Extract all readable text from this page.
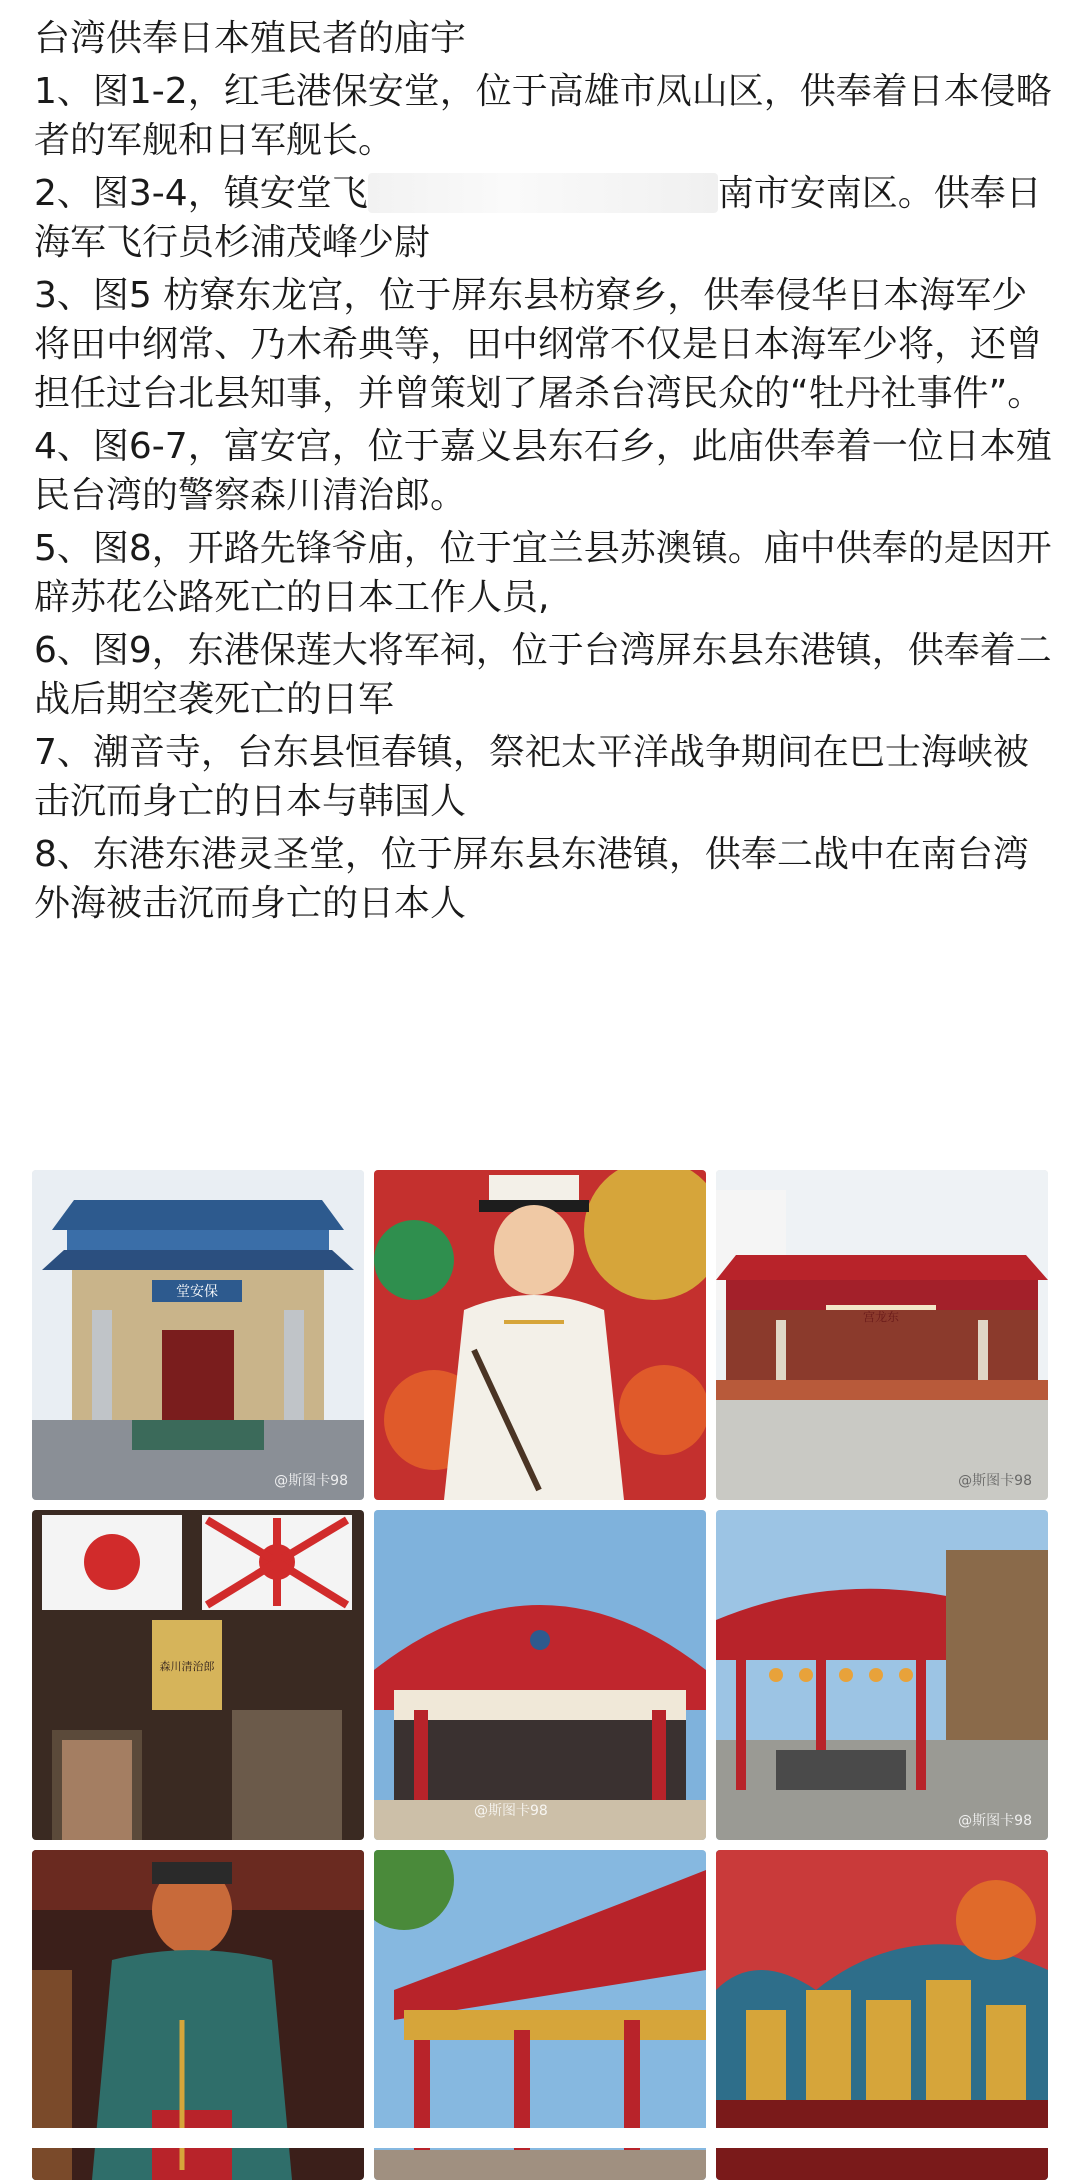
台湾供奉日本殖民者的庙宇

1、图1-2，红毛港保安堂，位于高雄市凤山区，供奉着日本侵略者的军舰和日军舰长。

2、图3-4，镇安堂飞	南市安南区。供奉日海军飞行员杉浦茂峰少尉

3、图5 枋寮东龙宫，位于屏东县枋寮乡，供奉侵华日本海军少将田中纲常、乃木希典等，田中纲常不仅是日本海军少将，还曾担任过台北县知事，并曾策划了屠杀台湾民众的“牡丹社事件”。

4、图6-7，富安宫，位于嘉义县东石乡，此庙供奉着一位日本殖民台湾的警察森川清治郎。

5、图8，开路先锋爷庙，位于宜兰县苏澳镇。庙中供奉的是因开辟苏花公路死亡的日本工作人员,

6、图9，东港保莲大将军祠，位于台湾屏东县东港镇，供奉着二战后期空袭死亡的日军

7、潮音寺，台东县恒春镇，祭祀太平洋战争期间在巴士海峡被击沉而身亡的日本与韩国人

8、东港东港灵圣堂，位于屏东县东港镇，供奉二战中在南台湾外海被击沉而身亡的日本人

堂安保
@斯图卡98
宫龙东
@斯图卡98
森川清治郎
@斯图卡98
@斯图卡98
